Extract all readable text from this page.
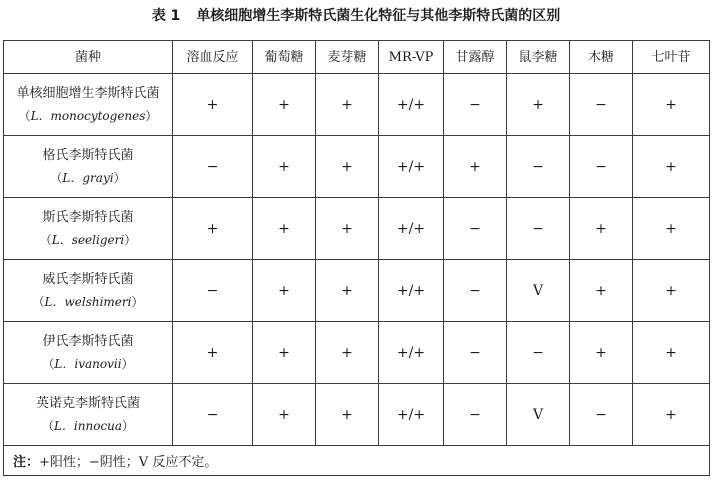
表 1 单核细胞增生李斯特氏菌生化特征与其他李斯特氏菌的区别
菌种	溶血反应	葡萄糖	麦芽糖	MR-VP	甘露醇	鼠李糖	木糖	七叶苷
单核细胞增生李斯特氏菌
（L．monocytogenes）	+	+	+	+/+	−	+	−	+
格氏李斯特氏菌
（L．grayi）	−	+	+	+/+	+	−	−	+
斯氏李斯特氏菌
（L．seeligeri）	+	+	+	+/+	−	−	+	+
威氏李斯特氏菌
（L．welshimeri）	−	+	+	+/+	−	V	+	+
伊氏李斯特氏菌
（L．ivanovii）	+	+	+	+/+	−	−	+	+
英诺克李斯特氏菌
（L．innocua）	−	+	+	+/+	−	V	−	+
注：+阳性；−阴性；V 反应不定。								
